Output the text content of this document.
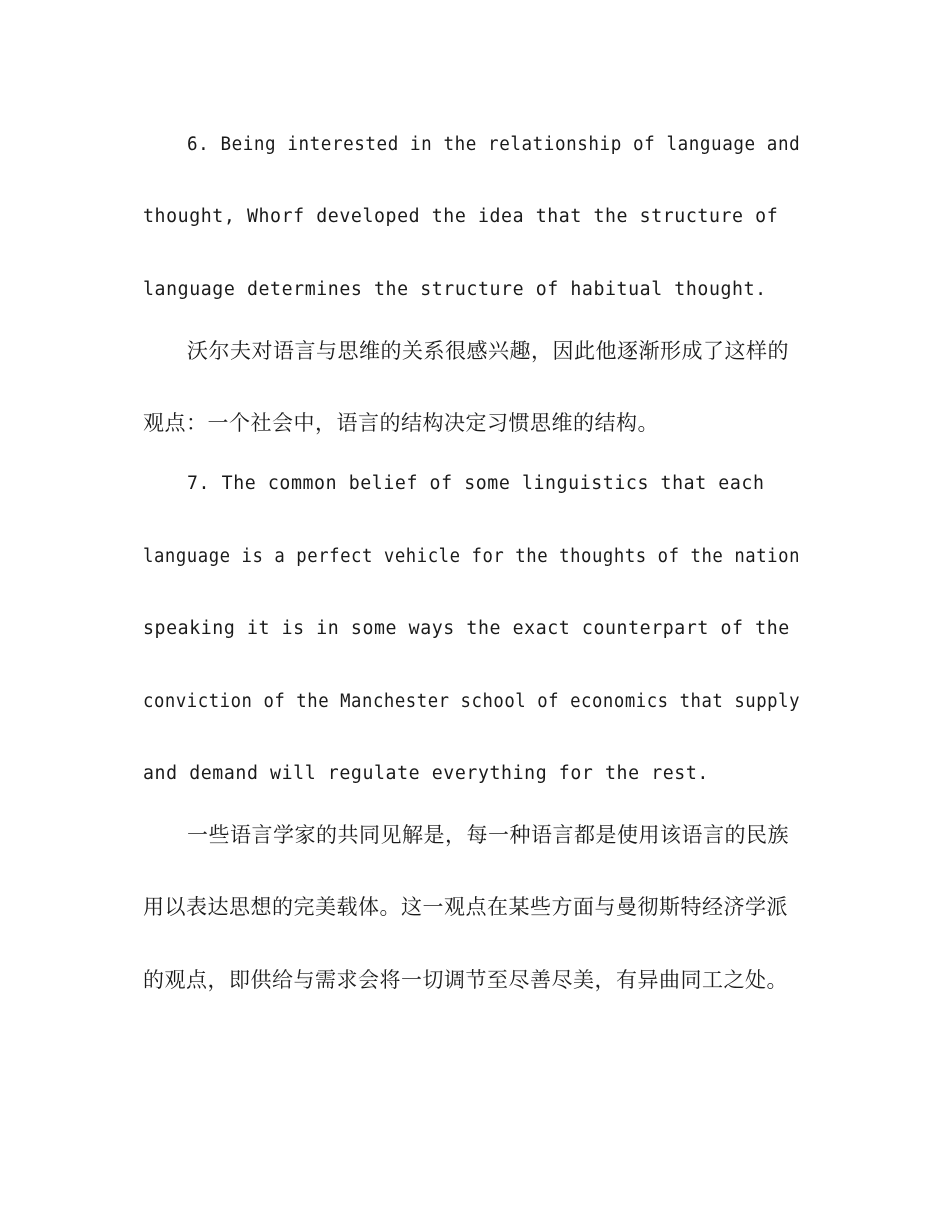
6. Being interested in the relationship of language and
thought, Whorf developed the idea that the structure of
language determines the structure of habitual thought.
沃尔夫对语言与思维的关系很感兴趣，因此他逐渐形成了这样的
观点：一个社会中，语言的结构决定习惯思维的结构。
7. The common belief of some linguistics that each
language is a perfect vehicle for the thoughts of the nation
speaking it is in some ways the exact counterpart of the
conviction of the Manchester school of economics that supply
and demand will regulate everything for the rest.
一些语言学家的共同见解是，每一种语言都是使用该语言的民族
用以表达思想的完美载体。这一观点在某些方面与曼彻斯特经济学派
的观点，即供给与需求会将一切调节至尽善尽美，有异曲同工之处。
